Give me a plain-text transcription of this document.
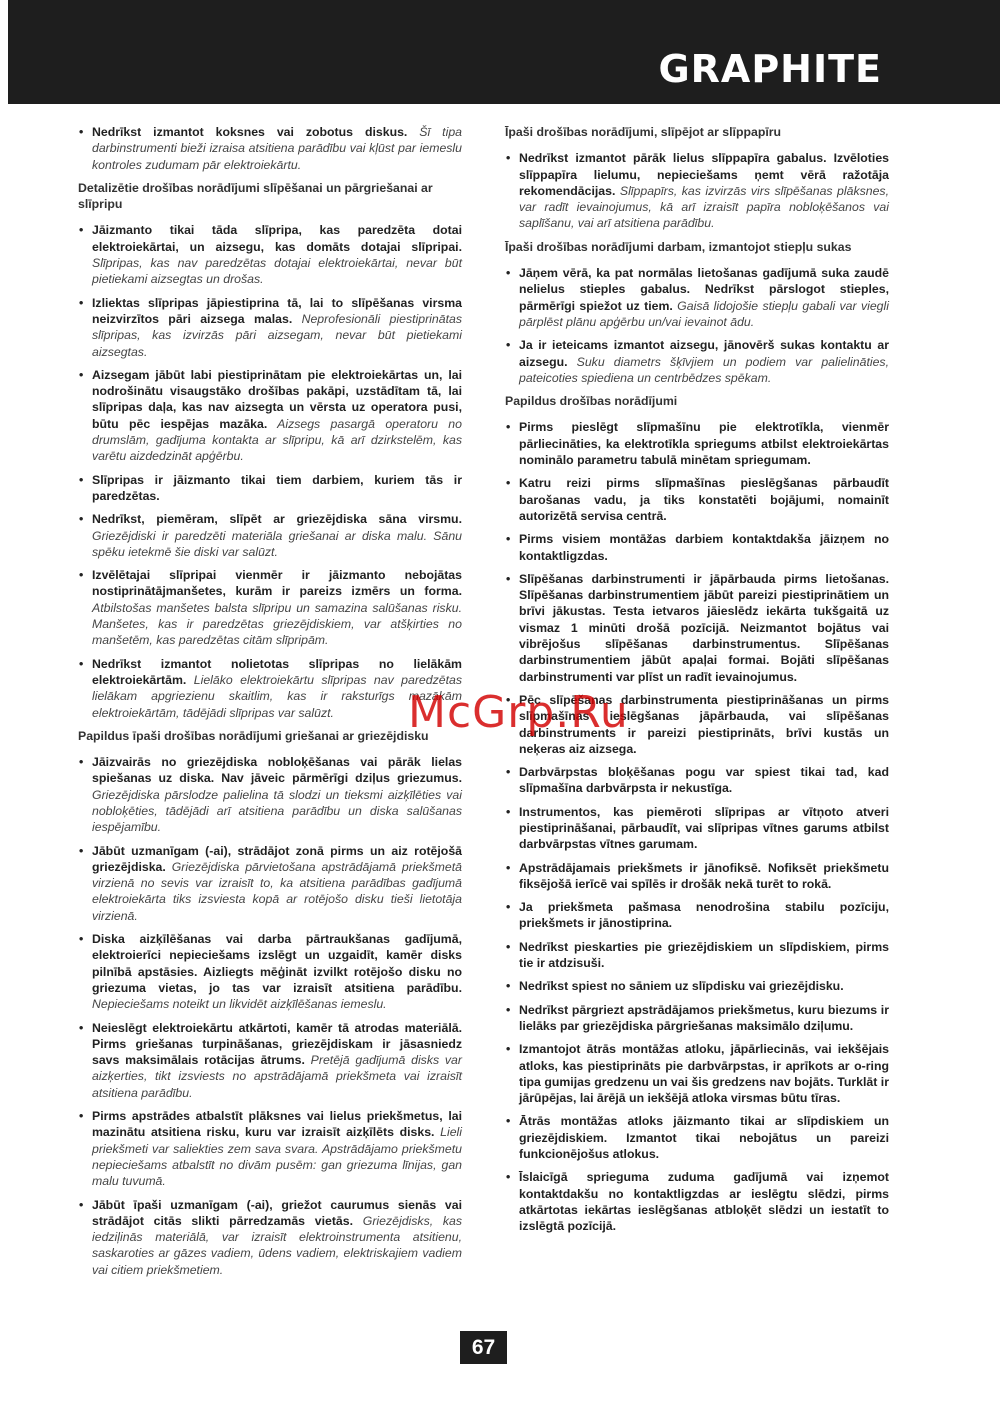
GRAPHITE
• Nedrīkst izmantot koksnes vai zobotus diskus. Šī tipa darbinstrumenti bieži izraisa atsitiena parādību vai kļūst par iemeslu kontroles zudumam pār elektroiekārtu.

Detalizētie drošības norādījumi slīpēšanai un pārgriešanai ar slīpripu

• Jāizmanto tikai tāda slīpripa, kas paredzēta dotai elektroiekārtai, un aizsegu, kas domāts dotajai slīpripai. Slīpripas, kas nav paredzētas dotajai elektroiekārtai, nevar būt pietiekami aizsegtas un drošas.
• Izliektas slīpripas jāpiestiprina tā, lai to slīpēšanas virsma neizvirzītos pāri aizsega malas. Neprofesionāli piestiprinātas slīpripas, kas izvirzās pāri aizsegam, nevar būt pietiekami aizsegtas.
• Aizsegam jābūt labi piestiprinātam pie elektroiekārtas un, lai nodrošinātu visaugstāko drošības pakāpi, uzstādītam tā, lai slīpripas daļa, kas nav aizsegta un vērsta uz operatora pusi, būtu pēc iespējas mazāka. Aizsegs pasargā operatoru no drumslām, gadījuma kontakta ar slīpripu, kā arī dzirkstelēm, kas varētu aizdedzināt apģērbu.
• Slīpripas ir jāizmanto tikai tiem darbiem, kuriem tās ir paredzētas.
• Nedrīkst, piemēram, slīpēt ar griezējdiska sāna virsmu. Griezējdiski ir paredzēti materiāla griešanai ar diska malu. Sānu spēku ietekmē šie diski var salūzt.
• Izvēlētajai slīpripai vienmēr ir jāizmanto nebojātas nostiprinātājmanšetes, kurām ir pareizs izmērs un forma. Atbilstošas manšetes balsta slīpripu un samazina salūšanas risku. Manšetes, kas ir paredzētas griezējdiskiem, var atšķirties no manšetēm, kas paredzētas citām slīpripām.
• Nedrīkst izmantot nolietotas slīpripas no lielākām elektroiekārtām. Lielāko elektroiekārtu slīpripas nav paredzētas lielākam apgriezienu skaitlim, kas ir raksturīgs mazākām elektroiekārtām, tādējādi slīpripas var salūzt.

Papildus īpaši drošības norādījumi griešanai ar griezējdisku

• Jāizvairās no griezējdiska nobloķēšanas vai pārāk lielas spiešanas uz diska. Nav jāveic pārmērīgi dziļus griezumus. Griezējdiska pārslodze palielina tā slodzi un tieksmi aizķīlēties vai nobloķēties, tādējādi arī atsitiena parādību un diska salūšanas iespējamību.
• Jābūt uzmanīgam (-ai), strādājot zonā pirms un aiz rotējošā griezējdiska. Griezējdiska pārvietošana apstrādājamā priekšmetā virzienā no sevis var izraisīt to, ka atsitiena parādības gadījumā elektroiekārta tiks izsviesta kopā ar rotējošo disku tieši lietotāja virzienā.
• Diska aizķīlēšanas vai darba pārtraukšanas gadījumā, elektroierīci nepieciešams izslēgt un uzgaidīt, kamēr disks pilnībā apstāsies. Aizliegts mēģināt izvilkt rotējošo disku no griezuma vietas, jo tas var izraisīt atsitiena parādību. Nepieciešams noteikt un likvidēt aizķīlēšanas iemeslu.
• Neieslēgt elektroiekārtu atkārtoti, kamēr tā atrodas materiālā. Pirms griešanas turpināšanas, griezējdiskam ir jāsasniedz savs maksimālais rotācijas ātrums. Pretējā gadījumā disks var aizķerties, tikt izsviests no apstrādājamā priekšmeta vai izraisīt atsitiena parādību.
• Pirms apstrādes atbalstīt plāksnes vai lielus priekšmetus, lai mazinātu atsitiena risku, kuru var izraisīt aizķīlēts disks. Lieli priekšmeti var saliekties zem sava svara. Apstrādājamo priekšmetu nepieciešams atbalstīt no divām pusēm: gan griezuma līnijas, gan malu tuvumā.
• Jābūt īpaši uzmanīgam (-ai), griežot caurumus sienās vai strādājot citās slikti pārredzamās vietās. Griezējdisks, kas iedziļinās materiālā, var izraisīt elektroinstrumenta atsitienu, saskaroties ar gāzes vadiem, ūdens vadiem, elektriskajiem vadiem vai citiem priekšmetiem.

Īpaši drošības norādījumi, slīpējot ar slīppapīru

• Nedrīkst izmantot pārāk lielus slīppapīra gabalus. Izvēloties slīppapīra lielumu, nepieciešams ņemt vērā ražotāja rekomendācijas. Slīppapīrs, kas izvirzās virs slīpēšanas plāksnes, var radīt ievainojumus, kā arī izraisīt papīra nobloķēšanos vai saplīšanu, vai arī atsitiena parādību.

Īpaši drošības norādījumi darbam, izmantojot stiepļu sukas

• Jāņem vērā, ka pat normālas lietošanas gadījumā suka zaudē nelielus stieples gabalus. Nedrīkst pārslogot stieples, pārmērīgi spiežot uz tiem. Gaisā lidojošie stiepļu gabali var viegli pārplēst plānu apģērbu un/vai ievainot ādu.
• Ja ir ieteicams izmantot aizsegu, jānovērš sukas kontaktu ar aizsegu. Suku diametrs šķīvjiem un podiem var palielināties, pateicoties spiediena un centrbēdzes spēkam.

Papildus drošības norādījumi

• Pirms pieslēgt slīpmašīnu pie elektrotīkla, vienmēr pārliecināties, ka elektrotīkla spriegums atbilst elektroiekārtas nominālo parametru tabulā minētam spriegumam.
• Katru reizi pirms slīpmašīnas pieslēgšanas pārbaudīt barošanas vadu, ja tiks konstatēti bojājumi, nomainīt autorizētā servisa centrā.
• Pirms visiem montāžas darbiem kontaktdakša jāizņem no kontaktligzdas.
• Slīpēšanas darbinstrumenti ir jāpārbauda pirms lietošanas. Slīpēšanas darbinstrumentiem jābūt pareizi piestiprinātiem un brīvi jākustas. Testa ietvaros jāieslēdz iekārta tukšgaitā uz vismaz 1 minūti drošā pozīcijā. Neizmantot bojātus vai vibrējošus slīpēšanas darbinstrumentus. Slīpēšanas darbinstrumentiem jābūt apaļai formai. Bojāti slīpēšanas darbinstrumenti var plīst un radīt ievainojumus.
• Pēc slīpēšanas darbinstrumenta piestiprināšanas un pirms slīpmašīnas ieslēgšanas jāpārbauda, vai slīpēšanas darbinstruments ir pareizi piestiprināts, brīvi kustās un neķeras aiz aizsega.
• Darbvārpstas bloķēšanas pogu var spiest tikai tad, kad slīpmašīna darbvārpsta ir nekustīga.
• Instrumentos, kas piemēroti slīpripas ar vītņoto atveri piestiprināšanai, pārbaudīt, vai slīpripas vītnes garums atbilst darbvārpstas vītnes garumam.
• Apstrādājamais priekšmets ir jānofiksē. Nofiksēt priekšmetu fiksējošā ierīcē vai spīlēs ir drošāk nekā turēt to rokā.
• Ja priekšmeta pašmasa nenodrošina stabilu pozīciju, priekšmets ir jānostiprina.
• Nedrīkst pieskarties pie griezējdiskiem un slīpdiskiem, pirms tie ir atdzisuši.
• Nedrīkst spiest no sāniem uz slīpdisku vai griezējdisku.
• Nedrīkst pārgriezt apstrādājamos priekšmetus, kuru biezums ir lielāks par griezējdiska pārgriešanas maksimālo dziļumu.
• Izmantojot ātrās montāžas atloku, jāpārliecinās, vai iekšējais atloks, kas piestiprināts pie darbvārpstas, ir aprīkots ar o-ring tipa gumijas gredzenu un vai šis gredzens nav bojāts. Turklāt ir jārūpējas, lai ārējā un iekšējā atloka virsmas būtu tīras.
• Ātrās montāžas atloks jāizmanto tikai ar slīpdiskiem un griezējdiskiem. Izmantot tikai nebojātus un pareizi funkcionējošus atlokus.
• Īslaicīgā sprieguma zuduma gadījumā vai izņemot kontaktdakšu no kontaktligzdas ar ieslēgtu slēdzi, pirms atkārtotas iekārtas ieslēgšanas atbloķēt slēdzi un iestatīt to izslēgtā pozīcijā.
McGrp.Ru
67
